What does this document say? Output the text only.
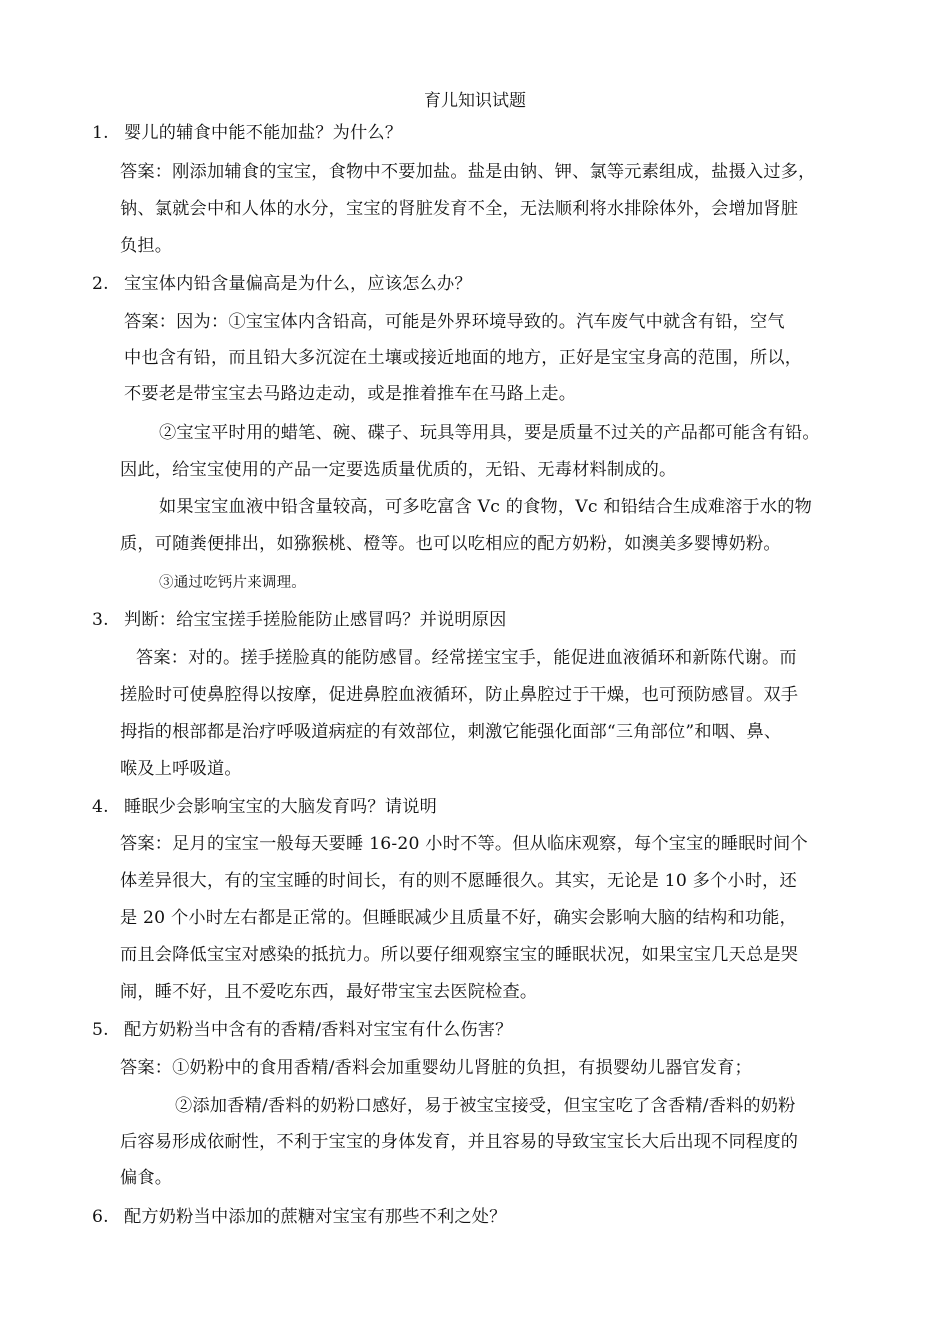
育儿知识试题
1. 婴儿的辅食中能不能加盐？为什么？
答案：刚添加辅食的宝宝，食物中不要加盐。盐是由钠、钾、氯等元素组成，盐摄入过多，
钠、氯就会中和人体的水分，宝宝的肾脏发育不全，无法顺利将水排除体外，会增加肾脏
负担。
2. 宝宝体内铅含量偏高是为什么，应该怎么办？
答案：因为：①宝宝体内含铅高，可能是外界环境导致的。汽车废气中就含有铅，空气
中也含有铅，而且铅大多沉淀在土壤或接近地面的地方，正好是宝宝身高的范围，所以，
不要老是带宝宝去马路边走动，或是推着推车在马路上走。
②宝宝平时用的蜡笔、碗、碟子、玩具等用具，要是质量不过关的产品都可能含有铅。
因此，给宝宝使用的产品一定要选质量优质的，无铅、无毒材料制成的。
如果宝宝血液中铅含量较高，可多吃富含 Vc 的食物，Vc 和铅结合生成难溶于水的物
质，可随粪便排出，如猕猴桃、橙等。也可以吃相应的配方奶粉，如澳美多婴博奶粉。
③通过吃钙片来调理。
3. 判断：给宝宝搓手搓脸能防止感冒吗？并说明原因
答案：对的。搓手搓脸真的能防感冒。经常搓宝宝手，能促进血液循环和新陈代谢。而
搓脸时可使鼻腔得以按摩，促进鼻腔血液循环，防止鼻腔过于干燥，也可预防感冒。双手
拇指的根部都是治疗呼吸道病症的有效部位，刺激它能强化面部“三角部位”和咽、鼻、
喉及上呼吸道。
4. 睡眠少会影响宝宝的大脑发育吗？请说明
答案：足月的宝宝一般每天要睡 16-20 小时不等。但从临床观察，每个宝宝的睡眠时间个
体差异很大，有的宝宝睡的时间长，有的则不愿睡很久。其实，无论是 10 多个小时，还
是 20 个小时左右都是正常的。但睡眠减少且质量不好，确实会影响大脑的结构和功能，
而且会降低宝宝对感染的抵抗力。所以要仔细观察宝宝的睡眠状况，如果宝宝几天总是哭
闹，睡不好，且不爱吃东西，最好带宝宝去医院检查。
5. 配方奶粉当中含有的香精/香料对宝宝有什么伤害？
答案：①奶粉中的食用香精/香料会加重婴幼儿肾脏的负担，有损婴幼儿器官发育；
②添加香精/香料的奶粉口感好，易于被宝宝接受，但宝宝吃了含香精/香料的奶粉
后容易形成依耐性，不利于宝宝的身体发育，并且容易的导致宝宝长大后出现不同程度的
偏食。
6. 配方奶粉当中添加的蔗糖对宝宝有那些不利之处？
